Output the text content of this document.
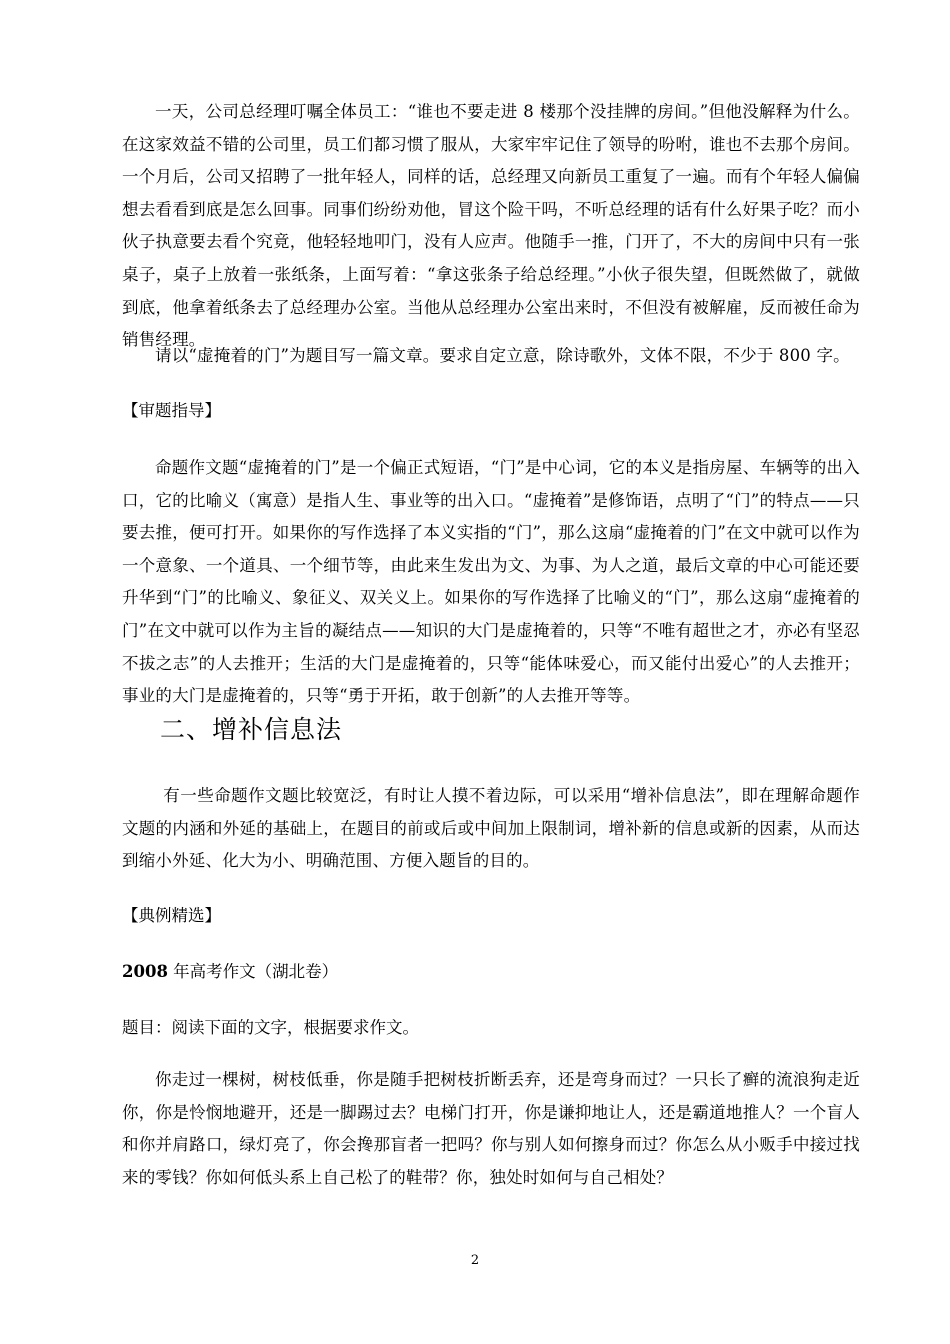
一天，公司总经理叮嘱全体员工：“谁也不要走进 8 楼那个没挂牌的房间。”但他没解释为什么。在这家效益不错的公司里，员工们都习惯了服从，大家牢牢记住了领导的吩咐，谁也不去那个房间。一个月后，公司又招聘了一批年轻人，同样的话，总经理又向新员工重复了一遍。而有个年轻人偏偏想去看看到底是怎么回事。同事们纷纷劝他，冒这个险干吗，不听总经理的话有什么好果子吃？而小伙子执意要去看个究竟，他轻轻地叩门，没有人应声。他随手一推，门开了，不大的房间中只有一张桌子，桌子上放着一张纸条，上面写着：“拿这张条子给总经理。”小伙子很失望，但既然做了，就做到底，他拿着纸条去了总经理办公室。当他从总经理办公室出来时，不但没有被解雇，反而被任命为销售经理。

请以“虚掩着的门”为题目写一篇文章。要求自定立意，除诗歌外，文体不限，不少于 800 字。

【审题指导】

命题作文题“虚掩着的门”是一个偏正式短语，“门”是中心词，它的本义是指房屋、车辆等的出入口，它的比喻义（寓意）是指人生、事业等的出入口。“虚掩着”是修饰语，点明了“门”的特点——只要去推，便可打开。如果你的写作选择了本义实指的“门”，那么这扇“虚掩着的门”在文中就可以作为一个意象、一个道具、一个细节等，由此来生发出为文、为事、为人之道，最后文章的中心可能还要升华到“门”的比喻义、象征义、双关义上。如果你的写作选择了比喻义的“门”，那么这扇“虚掩着的门”在文中就可以作为主旨的凝结点——知识的大门是虚掩着的，只等“不唯有超世之才，亦必有坚忍不拔之志”的人去推开；生活的大门是虚掩着的，只等“能体味爱心，而又能付出爱心”的人去推开；事业的大门是虚掩着的，只等“勇于开拓，敢于创新”的人去推开等等。

二、增补信息法

有一些命题作文题比较宽泛，有时让人摸不着边际，可以采用“增补信息法”，即在理解命题作文题的内涵和外延的基础上，在题目的前或后或中间加上限制词，增补新的信息或新的因素，从而达到缩小外延、化大为小、明确范围、方便入题旨的目的。

【典例精选】

2008 年高考作文（湖北卷）

题目：阅读下面的文字，根据要求作文。

你走过一棵树，树枝低垂，你是随手把树枝折断丢弃，还是弯身而过？一只长了癣的流浪狗走近你，你是怜悯地避开，还是一脚踢过去？电梯门打开，你是谦抑地让人，还是霸道地推人？一个盲人和你并肩路口，绿灯亮了，你会搀那盲者一把吗？你与别人如何擦身而过？你怎么从小贩手中接过找来的零钱？你如何低头系上自己松了的鞋带？你，独处时如何与自己相处？

2
